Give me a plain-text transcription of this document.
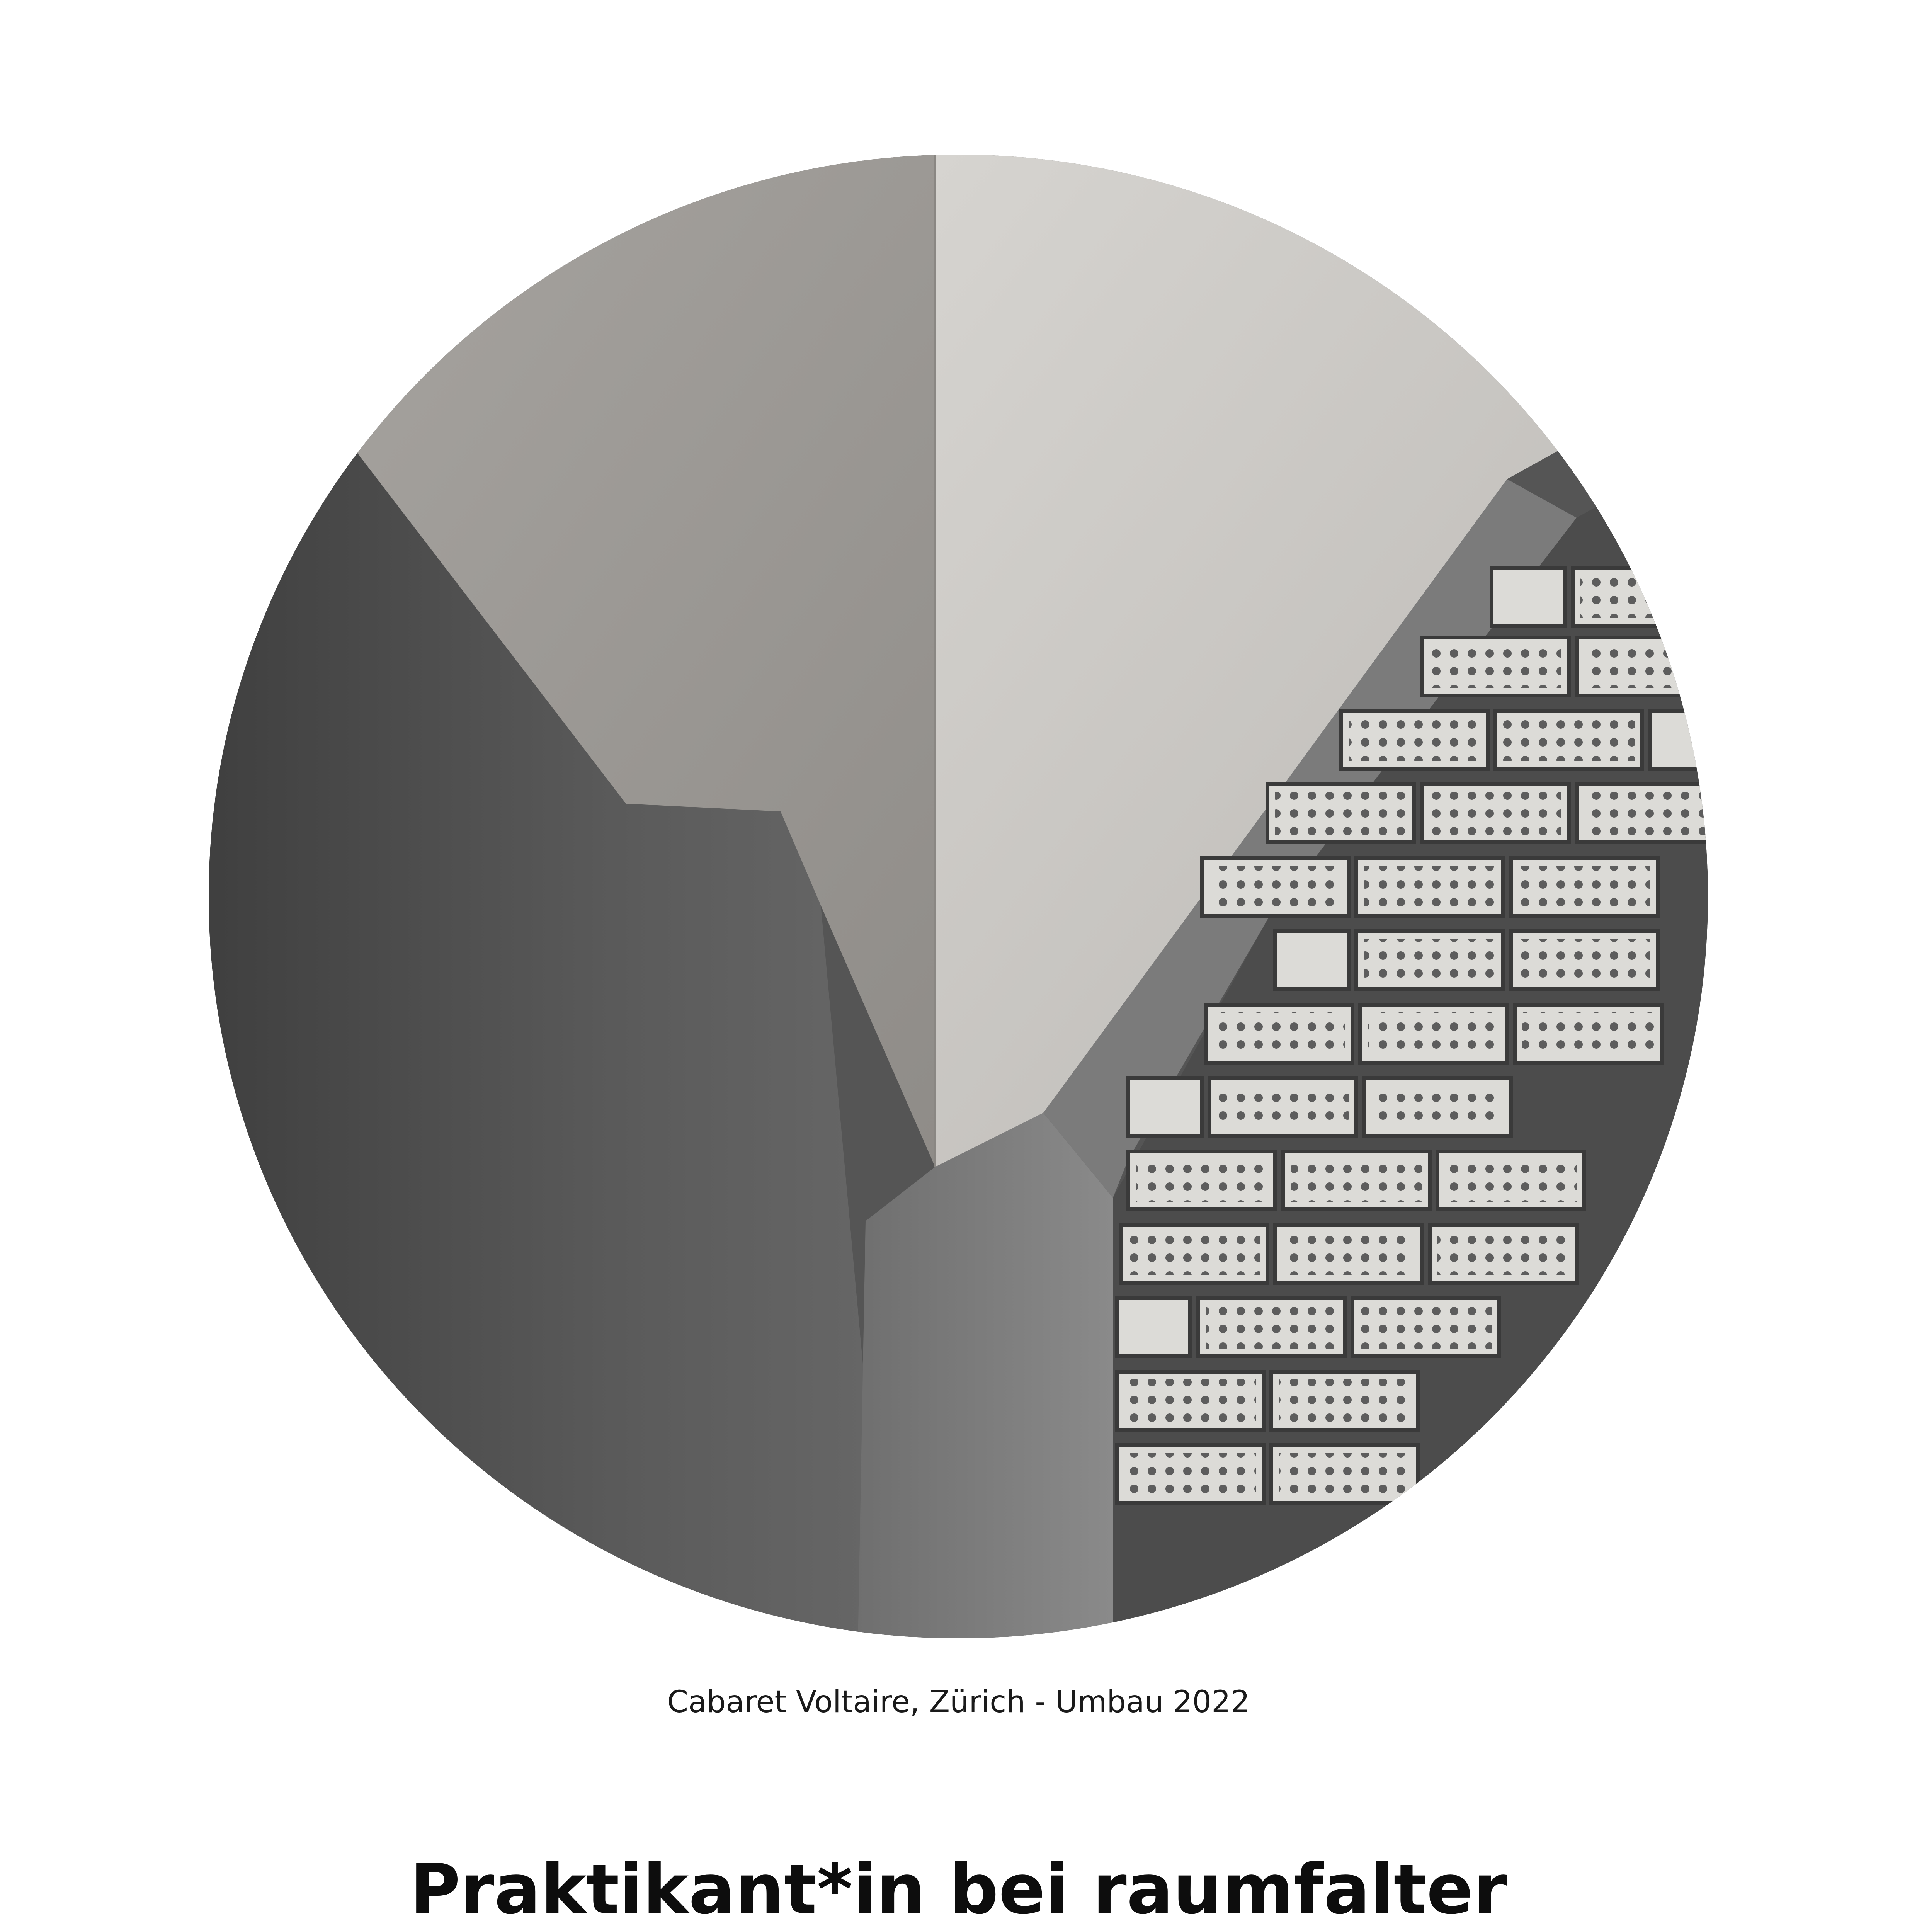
Cabaret Voltaire, Zürich - Umbau 2022
Praktikant*in bei raumfalter
